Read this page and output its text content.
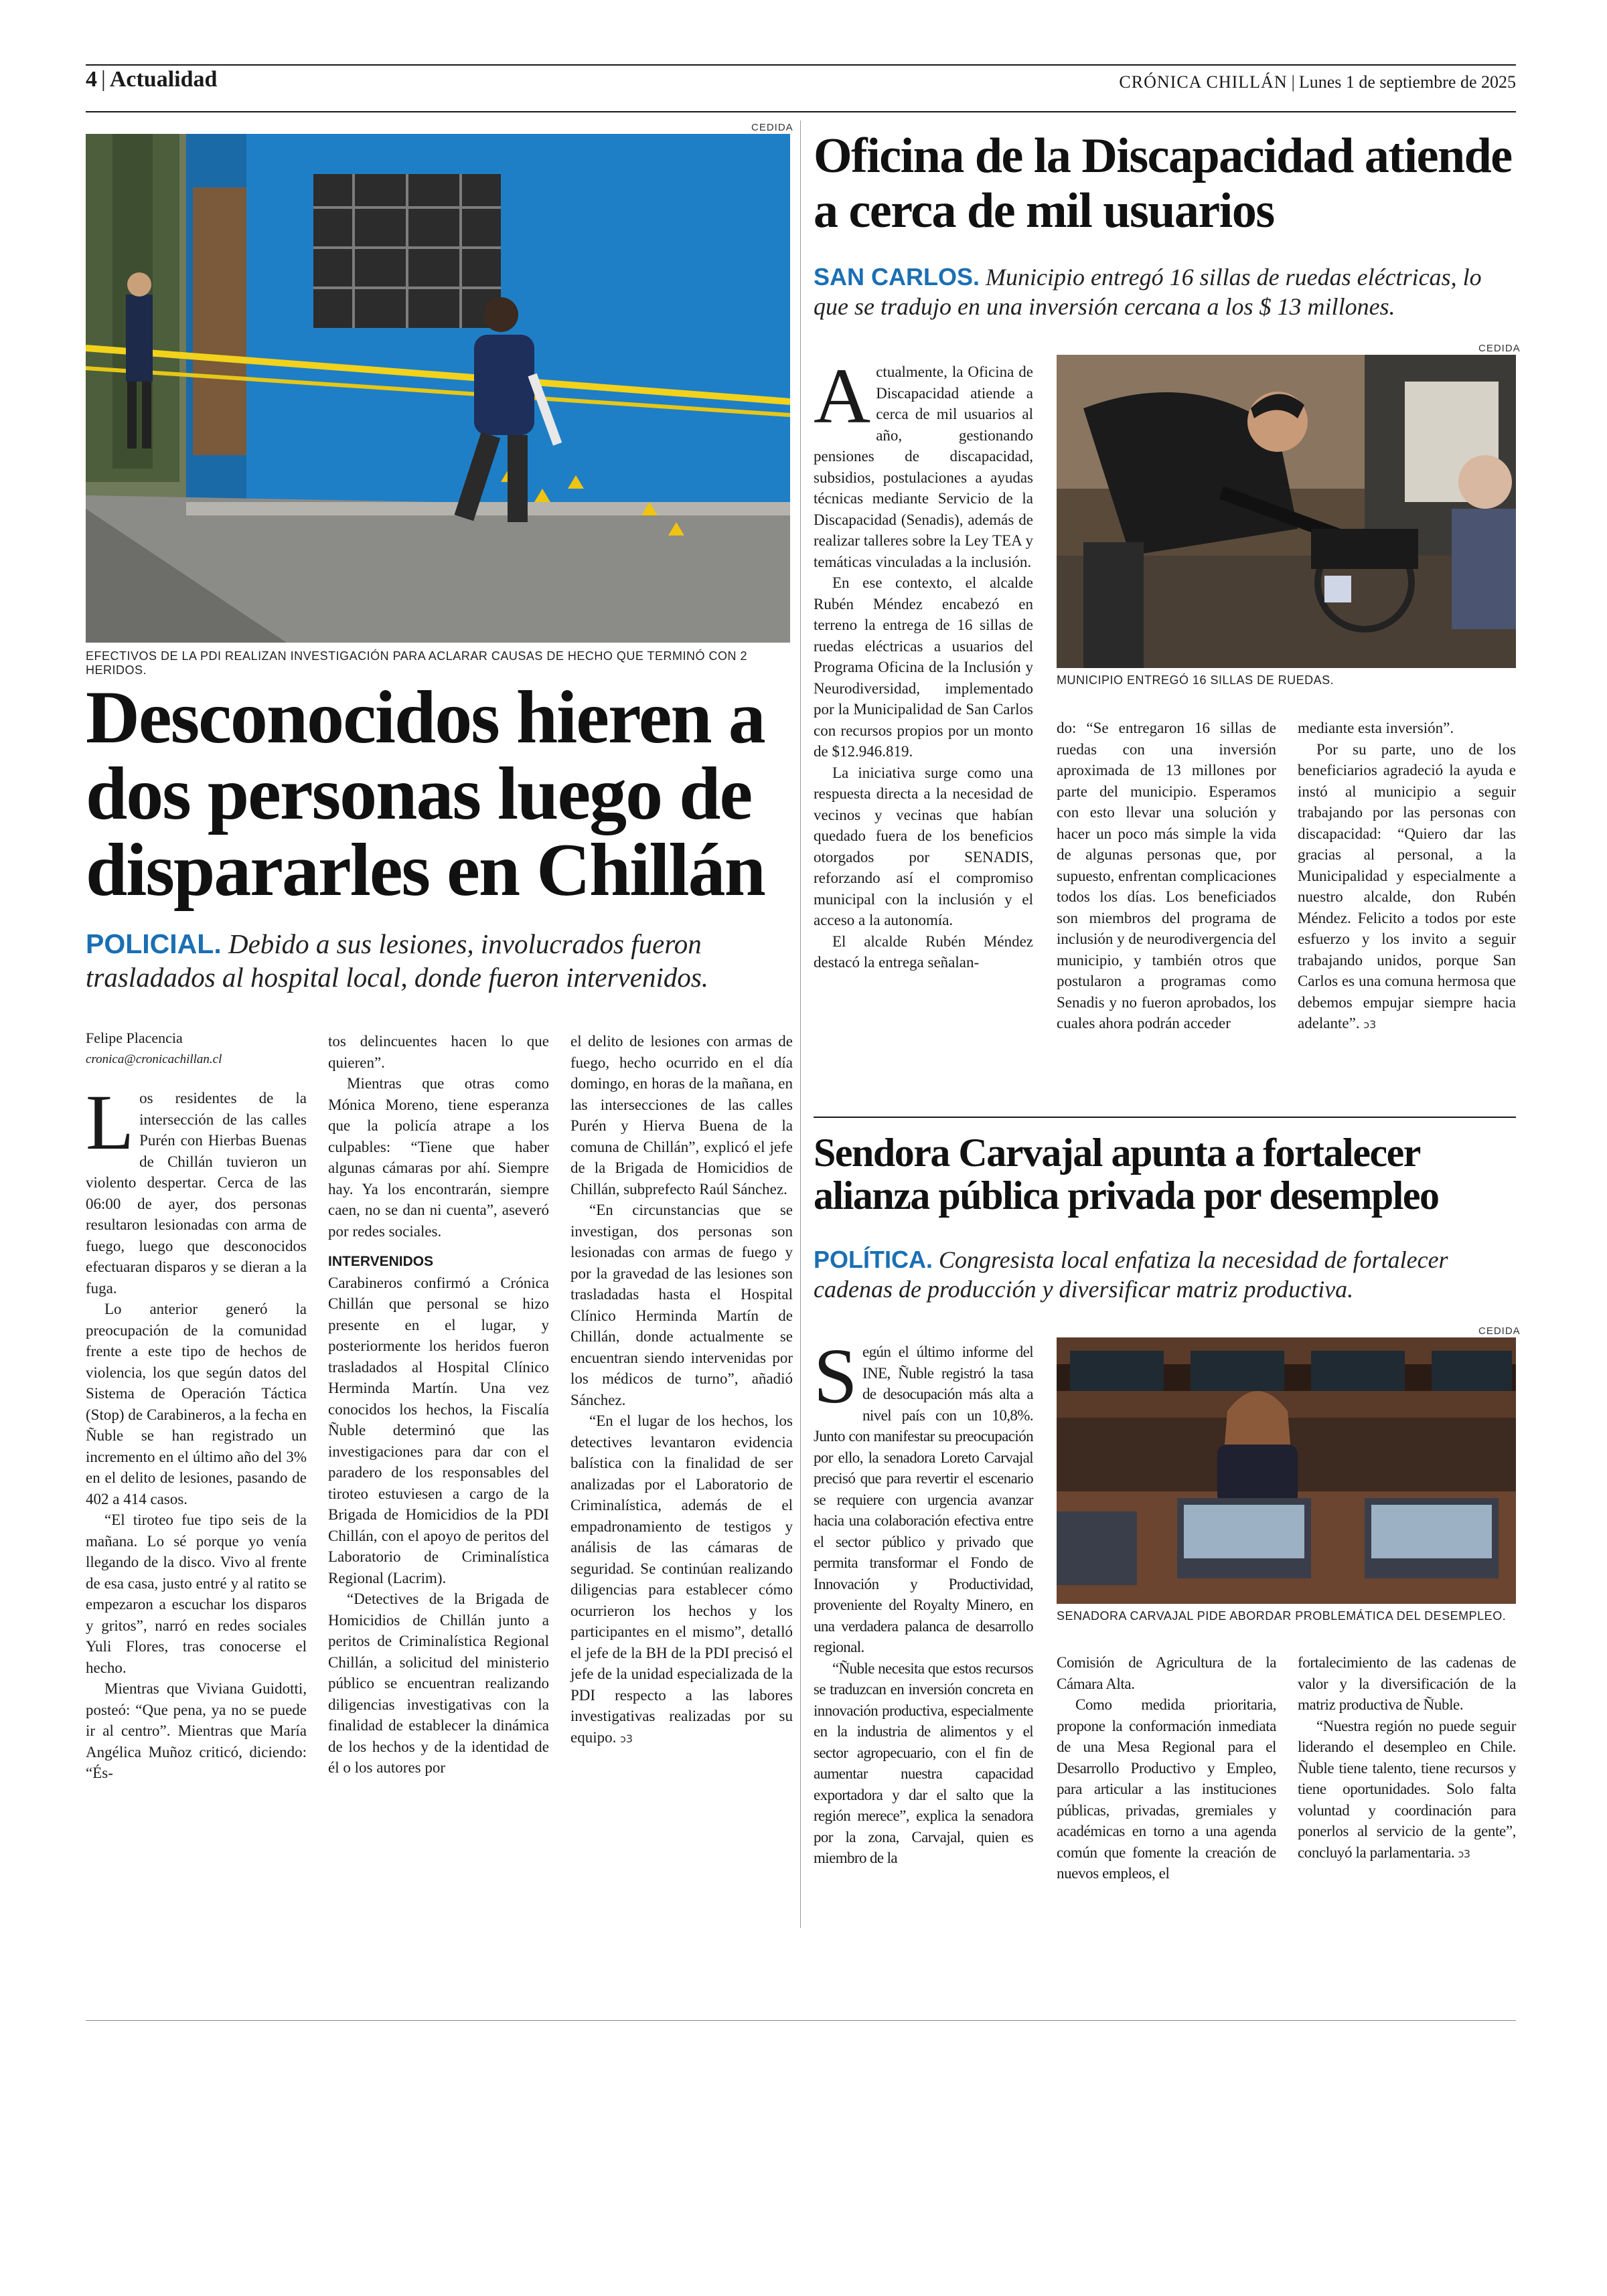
4 | Actualidad	CRÓNICA CHILLÁN | Lunes 1 de septiembre de 2025
CEDIDA
EFECTIVOS DE LA PDI REALIZAN INVESTIGACIÓN PARA ACLARAR CAUSAS DE HECHO QUE TERMINÓ CON 2 HERIDOS.
Desconocidos hieren a dos personas luego de dispararles en Chillán
POLICIAL. Debido a sus lesiones, involucrados fueron trasladados al hospital local, donde fueron intervenidos.
Felipe Placencia
cronica@cronicachillan.cl

Los residentes de la intersección de las calles Purén con Hierbas Buenas de Chillán tuvieron un violento despertar. Cerca de las 06:00 de ayer, dos personas resultaron lesionadas con arma de fuego, luego que desconocidos efectuaran disparos y se dieran a la fuga.

Lo anterior generó la preocupación de la comunidad frente a este tipo de hechos de violencia, los que según datos del Sistema de Operación Táctica (Stop) de Carabineros, a la fecha en Ñuble se han registrado un incremento en el último año del 3% en el delito de lesiones, pasando de 402 a 414 casos.

“El tiroteo fue tipo seis de la mañana. Lo sé porque yo venía llegando de la disco. Vivo al frente de esa casa, justo entré y al ratito se empezaron a escuchar los disparos y gritos”, narró en redes sociales Yuli Flores, tras conocerse el hecho.

Mientras que Viviana Guidotti, posteó: “Que pena, ya no se puede ir al centro”. Mientras que María Angélica Muñoz criticó, diciendo: “És-

tos delincuentes hacen lo que quieren”.

Mientras que otras como Mónica Moreno, tiene esperanza que la policía atrape a los culpables: “Tiene que haber algunas cámaras por ahí. Siempre hay. Ya los encontrarán, siempre caen, no se dan ni cuenta”, aseveró por redes sociales.

INTERVENIDOS

Carabineros confirmó a Crónica Chillán que personal se hizo presente en el lugar, y posteriormente los heridos fueron trasladados al Hospital Clínico Herminda Martín. Una vez conocidos los hechos, la Fiscalía Ñuble determinó que las investigaciones para dar con el paradero de los responsables del tiroteo estuviesen a cargo de la Brigada de Homicidios de la PDI Chillán, con el apoyo de peritos del Laboratorio de Criminalística Regional (Lacrim).

“Detectives de la Brigada de Homicidios de Chillán junto a peritos de Criminalística Regional Chillán, a solicitud del ministerio público se encuentran realizando diligencias investigativas con la finalidad de establecer la dinámica de los hechos y de la identidad de él o los autores por

el delito de lesiones con armas de fuego, hecho ocurrido en el día domingo, en horas de la mañana, en las intersecciones de las calles Purén y Hierva Buena de la comuna de Chillán”, explicó el jefe de la Brigada de Homicidios de Chillán, subprefecto Raúl Sánchez.

“En circunstancias que se investigan, dos personas son lesionadas con armas de fuego y por la gravedad de las lesiones son trasladadas hasta el Hospital Clínico Herminda Martín de Chillán, donde actualmente se encuentran siendo intervenidas por los médicos de turno”, añadió Sánchez.

“En el lugar de los hechos, los detectives levantaron evidencia balística con la finalidad de ser analizadas por el Laboratorio de Criminalística, además de el empadronamiento de testigos y análisis de las cámaras de seguridad. Se continúan realizando diligencias para establecer cómo ocurrieron los hechos y los participantes en el mismo”, detalló el jefe de la BH de la PDI precisó el jefe de la unidad especializada de la PDI respecto a las labores investigativas realizadas por su equipo. ↄ3

Oficina de la Discapacidad atiende a cerca de mil usuarios
SAN CARLOS. Municipio entregó 16 sillas de ruedas eléctricas, lo que se tradujo en una inversión cercana a los $ 13 millones.
CEDIDA
MUNICIPIO ENTREGÓ 16 SILLAS DE RUEDAS.

Actualmente, la Oficina de Discapacidad atiende a cerca de mil usuarios al año, gestionando pensiones de discapacidad, subsidios, postulaciones a ayudas técnicas mediante Servicio de la Discapacidad (Senadis), además de realizar talleres sobre la Ley TEA y temáticas vinculadas a la inclusión.

En ese contexto, el alcalde Rubén Méndez encabezó en terreno la entrega de 16 sillas de ruedas eléctricas a usuarios del Programa Oficina de la Inclusión y Neurodiversidad, implementado por la Municipalidad de San Carlos con recursos propios por un monto de $12.946.819.

La iniciativa surge como una respuesta directa a la necesidad de vecinos y vecinas que habían quedado fuera de los beneficios otorgados por SENADIS, reforzando así el compromiso municipal con la inclusión y el acceso a la autonomía.

El alcalde Rubén Méndez destacó la entrega señalan-

do: “Se entregaron 16 sillas de ruedas con una inversión aproximada de 13 millones por parte del municipio. Esperamos con esto llevar una solución y hacer un poco más simple la vida de algunas personas que, por supuesto, enfrentan complicaciones todos los días. Los beneficiados son miembros del programa de inclusión y de neurodivergencia del municipio, y también otros que postularon a programas como Senadis y no fueron aprobados, los cuales ahora podrán acceder

mediante esta inversión”.

Por su parte, uno de los beneficiarios agradeció la ayuda e instó al municipio a seguir trabajando por las personas con discapacidad: “Quiero dar las gracias al personal, a la Municipalidad y especialmente a nuestro alcalde, don Rubén Méndez. Felicito a todos por este esfuerzo y los invito a seguir trabajando unidos, porque San Carlos es una comuna hermosa que debemos empujar siempre hacia adelante”. ↄ3

Sendora Carvajal apunta a fortalecer alianza pública privada por desempleo
POLÍTICA. Congresista local enfatiza la necesidad de fortalecer cadenas de producción y diversificar matriz productiva.
CEDIDA
SENADORA CARVAJAL PIDE ABORDAR PROBLEMÁTICA DEL DESEMPLEO.

Según el último informe del INE, Ñuble registró la tasa de desocupación más alta a nivel país con un 10,8%. Junto con manifestar su preocupación por ello, la senadora Loreto Carvajal precisó que para revertir el escenario se requiere con urgencia avanzar hacia una colaboración efectiva entre el sector público y privado que permita transformar el Fondo de Innovación y Productividad, proveniente del Royalty Minero, en una verdadera palanca de desarrollo regional.

“Ñuble necesita que estos recursos se traduzcan en inversión concreta en innovación productiva, especialmente en la industria de alimentos y el sector agropecuario, con el fin de aumentar nuestra capacidad exportadora y dar el salto que la región merece”, explica la senadora por la zona, Carvajal, quien es miembro de la

Comisión de Agricultura de la Cámara Alta.

Como medida prioritaria, propone la conformación inmediata de una Mesa Regional para el Desarrollo Productivo y Empleo, para articular a las instituciones públicas, privadas, gremiales y académicas en torno a una agenda común que fomente la creación de nuevos empleos, el

fortalecimiento de las cadenas de valor y la diversificación de la matriz productiva de Ñuble.

“Nuestra región no puede seguir liderando el desempleo en Chile. Ñuble tiene talento, tiene recursos y tiene oportunidades. Solo falta voluntad y coordinación para ponerlos al servicio de la gente”, concluyó la parlamentaria. ↄ3
